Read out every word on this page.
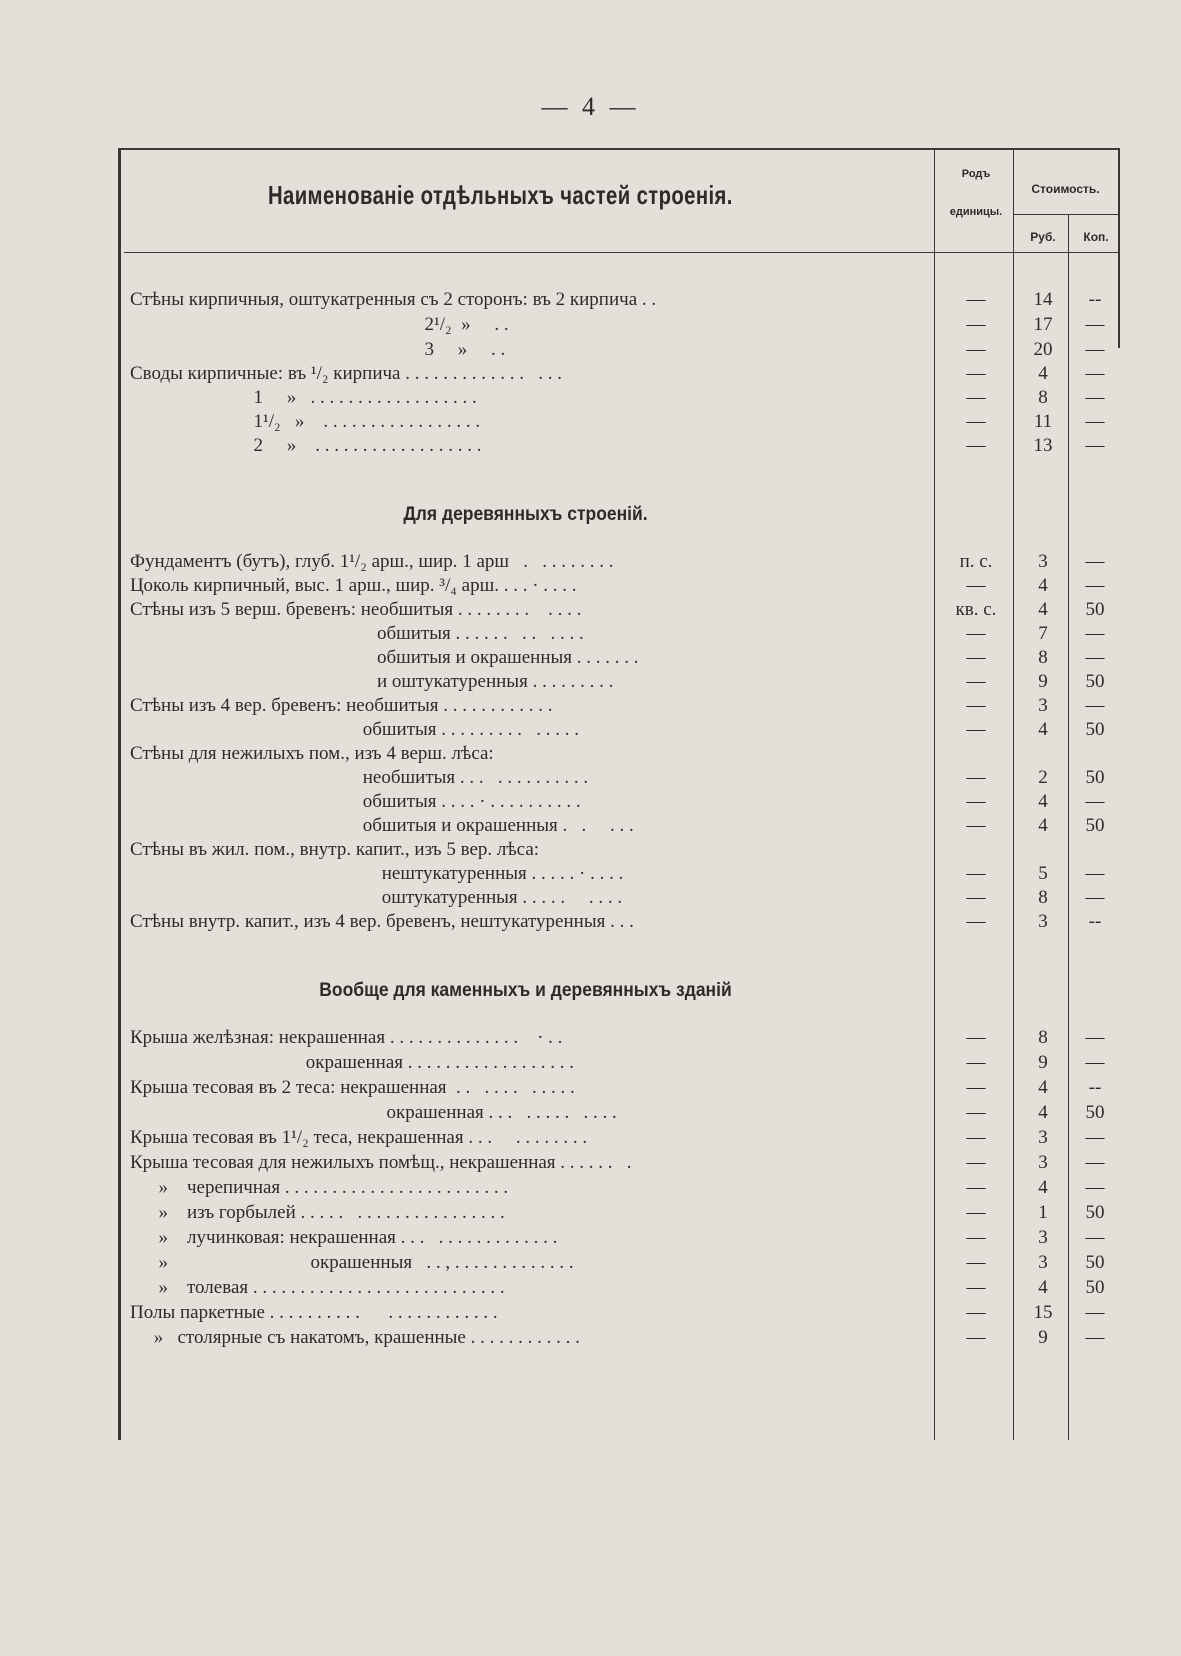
— 4 —
Наименованіе отдѣльныхъ частей строенія.
Родъ
единицы.
Стоимость.
Руб.	Коп.
Для деревянныхъ строеній.
Вообще для каменныхъ и деревянныхъ зданій
Стѣны кирпичныя, оштукатренныя съ 2 сторонъ: въ 2 кирпича . .	—	14	--
2¹/₂  »     . .	—	17	—
3     »     . .	—	20	—
Своды кирпичные: въ ¹/₂ кирпича . . . . . . . . . . . . .   . . .	—	4	—
1     »   . . . . . . . . . . . . . . . . . .	—	8	—
1¹/₂   »    . . . . . . . . . . . . . . . . .	—	11	—
2     »    . . . . . . . . . . . . . . . . . .	—	13	—
Фундаментъ (бутъ), глуб. 1¹/₂ арш., шир. 1 арш   .   . . . . . . . .	п. с.	3	—
Цоколь кирпичный, выс. 1 арш., шир. ³/₄ арш. . . . · . . . .	—	4	—
Стѣны изъ 5 верш. бревенъ: необшитыя . . . . . . . .    . . . .	кв. с.	4	50
обшитыя . . . . . .   . .   . . . .	—	7	—
обшитыя и окрашенныя . . . . . . .	—	8	—
и оштукатуренныя . . . . . . . . .	—	9	50
Стѣны изъ 4 вер. бревенъ: необшитыя . . . . . . . . . . . .	—	3	—
обшитыя . . . . . . . . .   . . . . .	—	4	50
Стѣны для нежилыхъ пом., изъ 4 верш. лѣса:
необшитыя . . .   . . . . . . . . . .	—	2	50
обшитыя . . . . · . . . . . . . . . .	—	4	—
обшитыя и окрашенныя .   .     . . .	—	4	50
Стѣны въ жил. пом., внутр. капит., изъ 5 вер. лѣса:
нештукатуренныя . . . . . · . . . .	—	5	—
оштукатуренныя . . . . .     . . . .	—	8	—
Стѣны внутр. капит., изъ 4 вер. бревенъ, нештукатуренныя . . .	—	3	--
Крыша желѣзная: некрашенная . . . . . . . . . . . . . .    · . .	—	8	—
окрашенная . . . . . . . . . . . . . . . . . .	—	9	—
Крыша тесовая въ 2 теса: некрашенная  . .   . . . .   . . . . .	—	4	--
окрашенная . . .   . . . . .   . . . .	—	4	50
Крыша тесовая въ 1¹/₂ теса, некрашенная . . .     . . . . . . . .	—	3	—
Крыша тесовая для нежилыхъ помѣщ., некрашенная . . . . . .   .	—	3	—
»    черепичная . . . . . . . . . . . . . . . . . . . . . . . .	—	4	—
»    изъ горбылей . . . . .   . . . . . . . . . . . . . . . .	—	1	50
»    лучинковая: некрашенная . . .   . . . . . . . . . . . . .	—	3	—
»                              окрашенныя   . . , . . . . . . . . . . . . .	—	3	50
»    толевая . . . . . . . . . . . . . . . . . . . . . . . . . . .	—	4	50
Полы паркетные . . . . . . . . . .      . . . . . . . . . . . .	—	15	—
»   столярные съ накатомъ, крашенные . . . . . . . . . . . .	—	9	—
